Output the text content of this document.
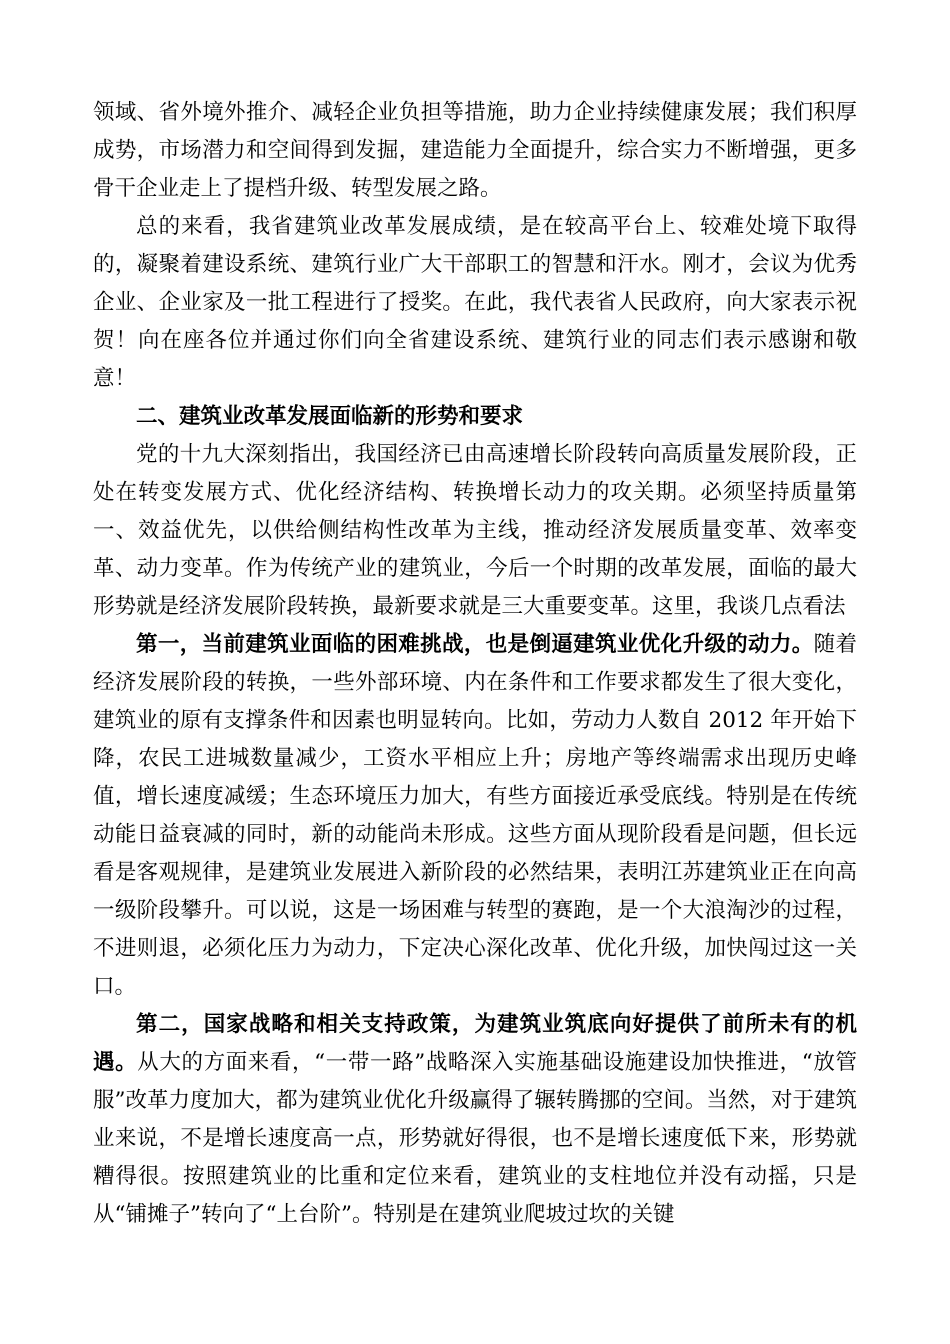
领域、省外境外推介、减轻企业负担等措施，助力企业持续健康发展；我们积厚成势，市场潜力和空间得到发掘，建造能力全面提升，综合实力不断增强，更多骨干企业走上了提档升级、转型发展之路。

总的来看，我省建筑业改革发展成绩，是在较高平台上、较难处境下取得的，凝聚着建设系统、建筑行业广大干部职工的智慧和汗水。刚才，会议为优秀企业、企业家及一批工程进行了授奖。在此，我代表省人民政府，向大家表示祝贺！向在座各位并通过你们向全省建设系统、建筑行业的同志们表示感谢和敬意！

二、建筑业改革发展面临新的形势和要求

党的十九大深刻指出，我国经济已由高速增长阶段转向高质量发展阶段，正处在转变发展方式、优化经济结构、转换增长动力的攻关期。必须坚持质量第一、效益优先，以供给侧结构性改革为主线，推动经济发展质量变革、效率变革、动力变革。作为传统产业的建筑业，今后一个时期的改革发展，面临的最大形势就是经济发展阶段转换，最新要求就是三大重要变革。这里，我谈几点看法

第一，当前建筑业面临的困难挑战，也是倒逼建筑业优化升级的动力。随着经济发展阶段的转换，一些外部环境、内在条件和工作要求都发生了很大变化，建筑业的原有支撑条件和因素也明显转向。比如，劳动力人数自 2012 年开始下降，农民工进城数量减少，工资水平相应上升；房地产等终端需求出现历史峰值，增长速度减缓；生态环境压力加大，有些方面接近承受底线。特别是在传统动能日益衰减的同时，新的动能尚未形成。这些方面从现阶段看是问题，但长远看是客观规律，是建筑业发展进入新阶段的必然结果，表明江苏建筑业正在向高一级阶段攀升。可以说，这是一场困难与转型的赛跑，是一个大浪淘沙的过程，不进则退，必须化压力为动力，下定决心深化改革、优化升级，加快闯过这一关口。

第二，国家战略和相关支持政策，为建筑业筑底向好提供了前所未有的机遇。从大的方面来看，“一带一路”战略深入实施基础设施建设加快推进，“放管服”改革力度加大，都为建筑业优化升级赢得了辗转腾挪的空间。当然，对于建筑业来说，不是增长速度高一点，形势就好得很，也不是增长速度低下来，形势就糟得很。按照建筑业的比重和定位来看，建筑业的支柱地位并没有动摇，只是从“铺摊子”转向了“上台阶”。特别是在建筑业爬坡过坎的关键
